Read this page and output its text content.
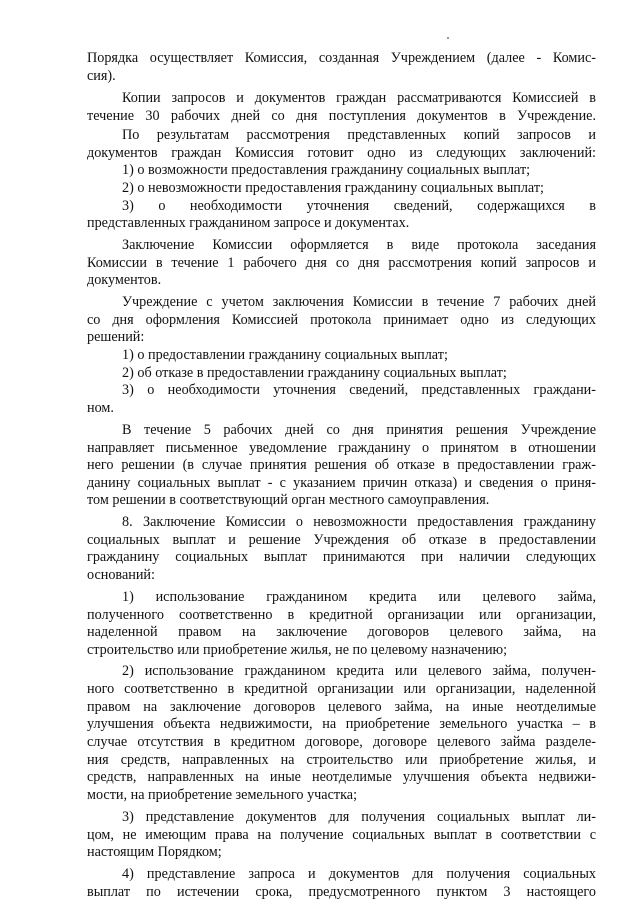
Порядка осуществляет Комиссия, созданная Учреждением (далее - Комис-
сия).
Копии запросов и документов граждан рассматриваются Комиссией в
течение 30 рабочих дней со дня поступления документов в Учреждение.
По результатам рассмотрения представленных копий запросов и
документов граждан Комиссия готовит одно из следующих заключений:
1) о возможности предоставления гражданину социальных выплат;
2) о невозможности предоставления гражданину социальных выплат;
3) о необходимости уточнения сведений, содержащихся в
представленных гражданином запросе и документах.
Заключение Комиссии оформляется в виде протокола заседания
Комиссии в течение 1 рабочего дня со дня рассмотрения копий запросов и
документов.
Учреждение с учетом заключения Комиссии в течение 7 рабочих дней
со дня оформления Комиссией протокола принимает одно из следующих
решений:
1) о предоставлении гражданину социальных выплат;
2) об отказе в предоставлении гражданину социальных выплат;
3) о необходимости уточнения сведений, представленных граждани-
ном.
В течение 5 рабочих дней со дня принятия решения Учреждение
направляет письменное уведомление гражданину о принятом в отношении
него решении (в случае принятия решения об отказе в предоставлении граж-
данину социальных выплат - с указанием причин отказа) и сведения о приня-
том решении в соответствующий орган местного самоуправления.
8. Заключение Комиссии о невозможности предоставления гражданину
социальных выплат и решение Учреждения об отказе в предоставлении
гражданину социальных выплат принимаются при наличии следующих
оснований:
1) использование гражданином кредита или целевого займа,
полученного соответственно в кредитной организации или организации,
наделенной правом на заключение договоров целевого займа, на
строительство или приобретение жилья, не по целевому назначению;
2) использование гражданином кредита или целевого займа, получен-
ного соответственно в кредитной организации или организации, наделенной
правом на заключение договоров целевого займа, на иные неотделимые
улучшения объекта недвижимости, на приобретение земельного участка – в
случае отсутствия в кредитном договоре, договоре целевого займа разделе-
ния средств, направленных на строительство или приобретение жилья, и
средств, направленных на иные неотделимые улучшения объекта недвижи-
мости, на приобретение земельного участка;
3) представление документов для получения социальных выплат ли-
цом, не имеющим права на получение социальных выплат в соответствии с
настоящим Порядком;
4) представление запроса и документов для получения социальных
выплат по истечении срока, предусмотренного пунктом 3 настоящего
